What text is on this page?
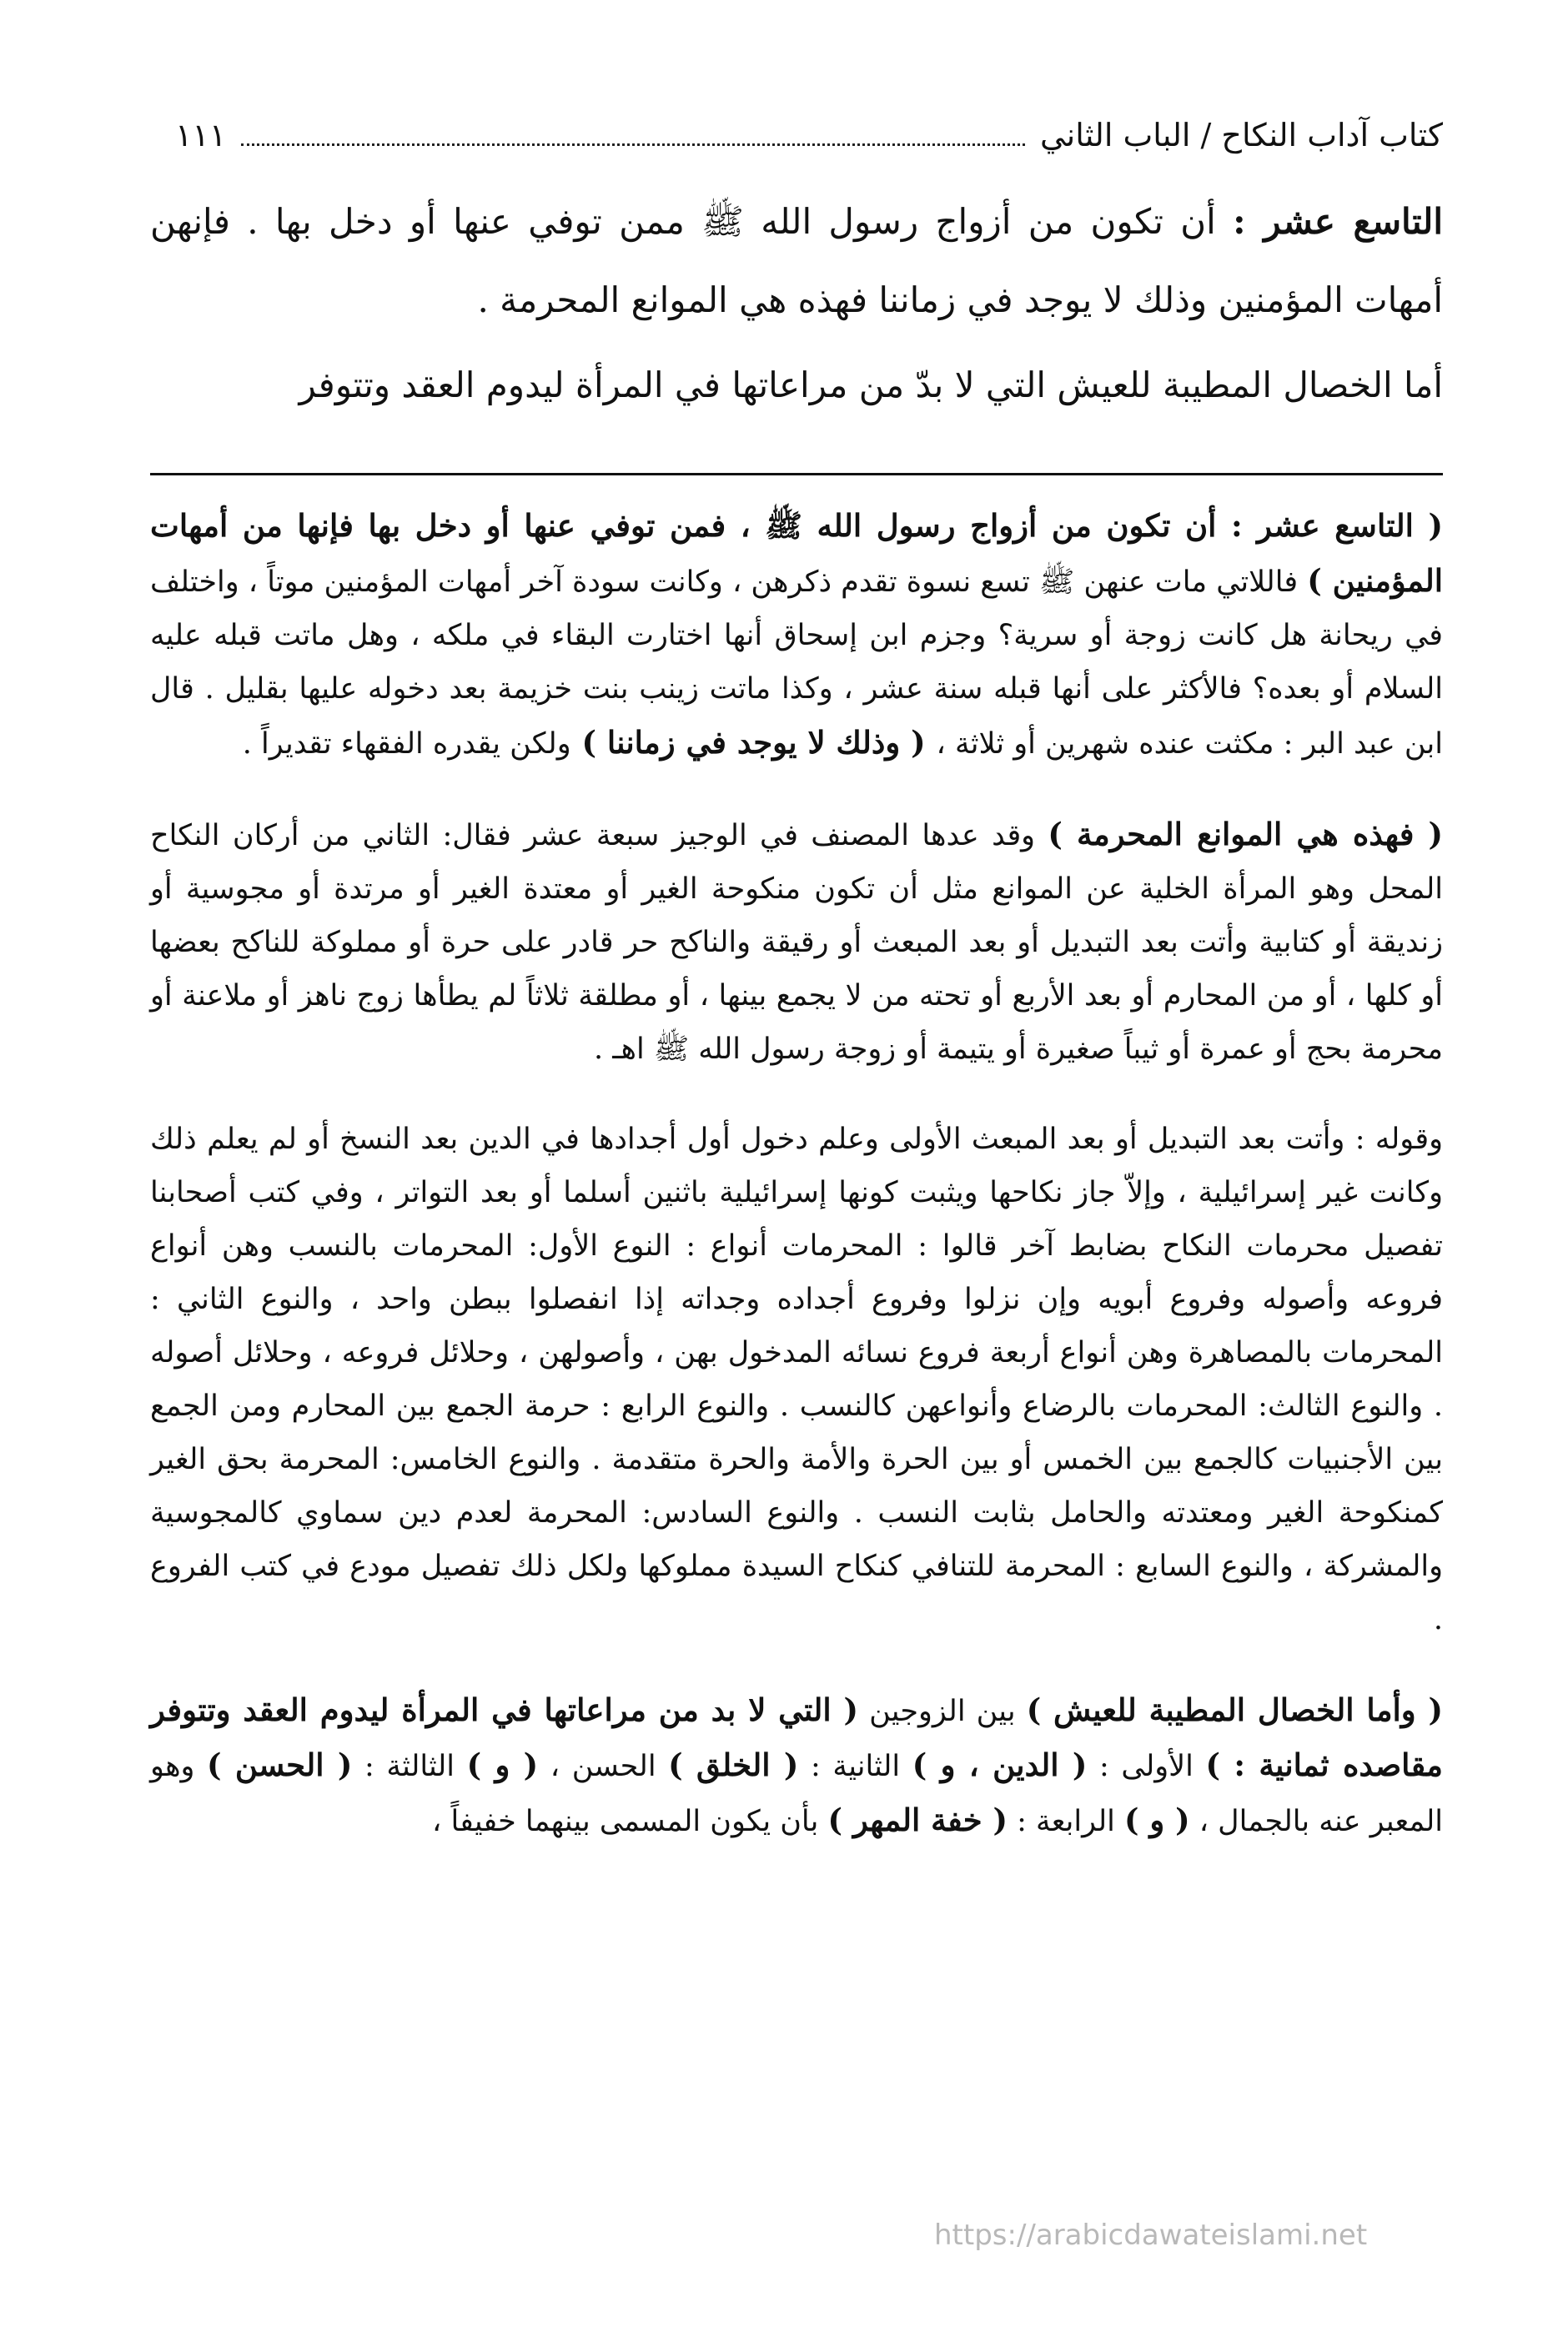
كتاب آداب النكاح / الباب الثاني
١١١

التاسع عشر : أن تكون من أزواج رسول الله ﷺ ممن توفي عنها أو دخل بها . فإنهن أمهات المؤمنين وذلك لا يوجد في زماننا فهذه هي الموانع المحرمة .

أما الخصال المطيبة للعيش التي لا بدّ من مراعاتها في المرأة ليدوم العقد وتتوفر

( التاسع عشر : أن تكون من أزواج رسول الله ﷺ ، فمن توفي عنها أو دخل بها فإنها من أمهات المؤمنين ) فاللاتي مات عنهن ﷺ تسع نسوة تقدم ذكرهن ، وكانت سودة آخر أمهات المؤمنين موتاً ، واختلف في ريحانة هل كانت زوجة أو سرية؟ وجزم ابن إسحاق أنها اختارت البقاء في ملكه ، وهل ماتت قبله عليه السلام أو بعده؟ فالأكثر على أنها قبله سنة عشر ، وكذا ماتت زينب بنت خزيمة بعد دخوله عليها بقليل . قال ابن عبد البر : مكثت عنده شهرين أو ثلاثة ، ( وذلك لا يوجد في زماننا ) ولكن يقدره الفقهاء تقديراً .

( فهذه هي الموانع المحرمة ) وقد عدها المصنف في الوجيز سبعة عشر فقال: الثاني من أركان النكاح المحل وهو المرأة الخلية عن الموانع مثل أن تكون منكوحة الغير أو معتدة الغير أو مرتدة أو مجوسية أو زنديقة أو كتابية وأتت بعد التبديل أو بعد المبعث أو رقيقة والناكح حر قادر على حرة أو مملوكة للناكح بعضها أو كلها ، أو من المحارم أو بعد الأربع أو تحته من لا يجمع بينها ، أو مطلقة ثلاثاً لم يطأها زوج ناهز أو ملاعنة أو محرمة بحج أو عمرة أو ثيباً صغيرة أو يتيمة أو زوجة رسول الله ﷺ اهـ .

وقوله : وأتت بعد التبديل أو بعد المبعث الأولى وعلم دخول أول أجدادها في الدين بعد النسخ أو لم يعلم ذلك وكانت غير إسرائيلية ، وإلاّ جاز نكاحها ويثبت كونها إسرائيلية باثنين أسلما أو بعد التواتر ، وفي كتب أصحابنا تفصيل محرمات النكاح بضابط آخر قالوا : المحرمات أنواع : النوع الأول: المحرمات بالنسب وهن أنواع فروعه وأصوله وفروع أبويه وإن نزلوا وفروع أجداده وجداته إذا انفصلوا ببطن واحد ، والنوع الثاني : المحرمات بالمصاهرة وهن أنواع أربعة فروع نسائه المدخول بهن ، وأصولهن ، وحلائل فروعه ، وحلائل أصوله . والنوع الثالث: المحرمات بالرضاع وأنواعهن كالنسب . والنوع الرابع : حرمة الجمع بين المحارم ومن الجمع بين الأجنبيات كالجمع بين الخمس أو بين الحرة والأمة والحرة متقدمة . والنوع الخامس: المحرمة بحق الغير كمنكوحة الغير ومعتدته والحامل بثابت النسب . والنوع السادس: المحرمة لعدم دين سماوي كالمجوسية والمشركة ، والنوع السابع : المحرمة للتنافي كنكاح السيدة مملوكها ولكل ذلك تفصيل مودع في كتب الفروع .

( وأما الخصال المطيبة للعيش ) بين الزوجين ( التي لا بد من مراعاتها في المرأة ليدوم العقد وتتوفر مقاصده ثمانية : ) الأولى : ( الدين ، و ) الثانية : ( الخلق ) الحسن ، ( و ) الثالثة : ( الحسن ) وهو المعبر عنه بالجمال ، ( و ) الرابعة : ( خفة المهر ) بأن يكون المسمى بينهما خفيفاً ،

https://arabicdawateislami.net
